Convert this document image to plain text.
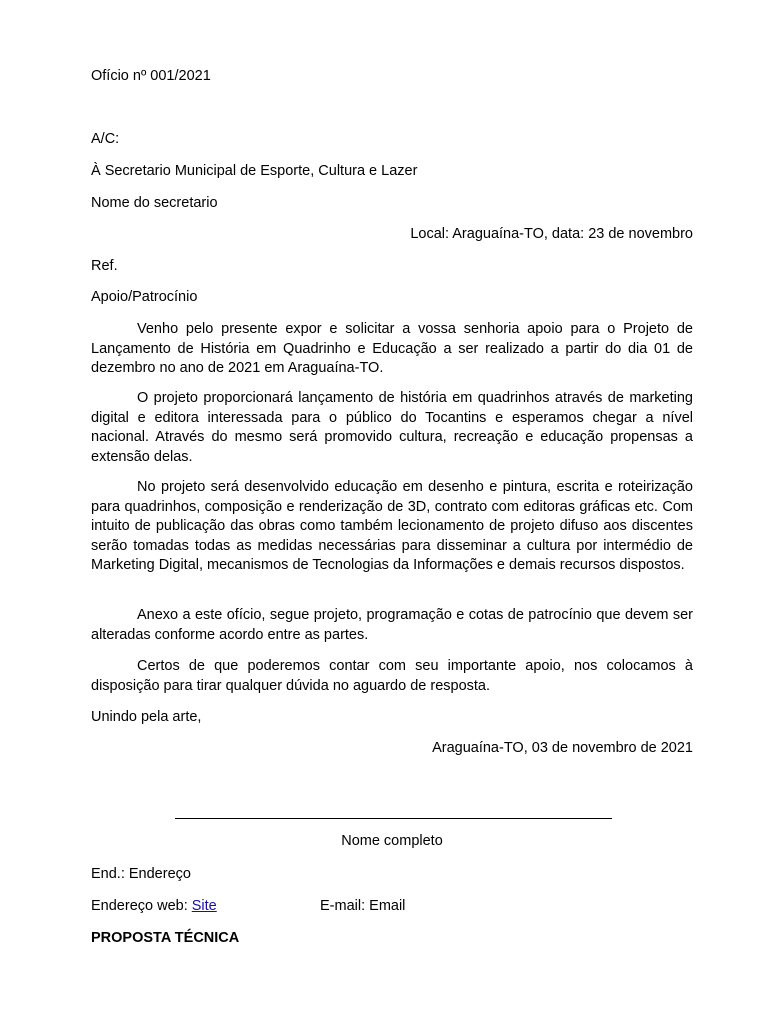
Ofício nº 001/2021
A/C:
À Secretario Municipal de Esporte, Cultura e Lazer
Nome do secretario
Local: Araguaína-TO, data: 23 de novembro
Ref.
Apoio/Patrocínio
Venho pelo presente expor e solicitar a vossa senhoria apoio para o Projeto de Lançamento de História em Quadrinho e Educação a ser realizado a partir do dia 01 de dezembro no ano de 2021 em Araguaína-TO.
O projeto proporcionará lançamento de história em quadrinhos através de marketing digital e editora interessada para o público do Tocantins e esperamos chegar a nível nacional. Através do mesmo será promovido cultura, recreação e educação propensas a extensão delas.
No projeto será desenvolvido educação em desenho e pintura, escrita e roteirização para quadrinhos, composição e renderização de 3D, contrato com editoras gráficas etc. Com intuito de publicação das obras como também lecionamento de projeto difuso aos discentes serão tomadas todas as medidas necessárias para disseminar a cultura por intermédio de Marketing Digital, mecanismos de Tecnologias da Informações e demais recursos dispostos.
Anexo a este ofício, segue projeto, programação e cotas de patrocínio que devem ser alteradas conforme acordo entre as partes.
Certos de que poderemos contar com seu importante apoio, nos colocamos à disposição para tirar qualquer dúvida no aguardo de resposta.
Unindo pela arte,
Araguaína-TO, 03 de novembro de 2021
Nome completo
End.: Endereço
Endereço web: Site	E-mail: Email
PROPOSTA TÉCNICA
